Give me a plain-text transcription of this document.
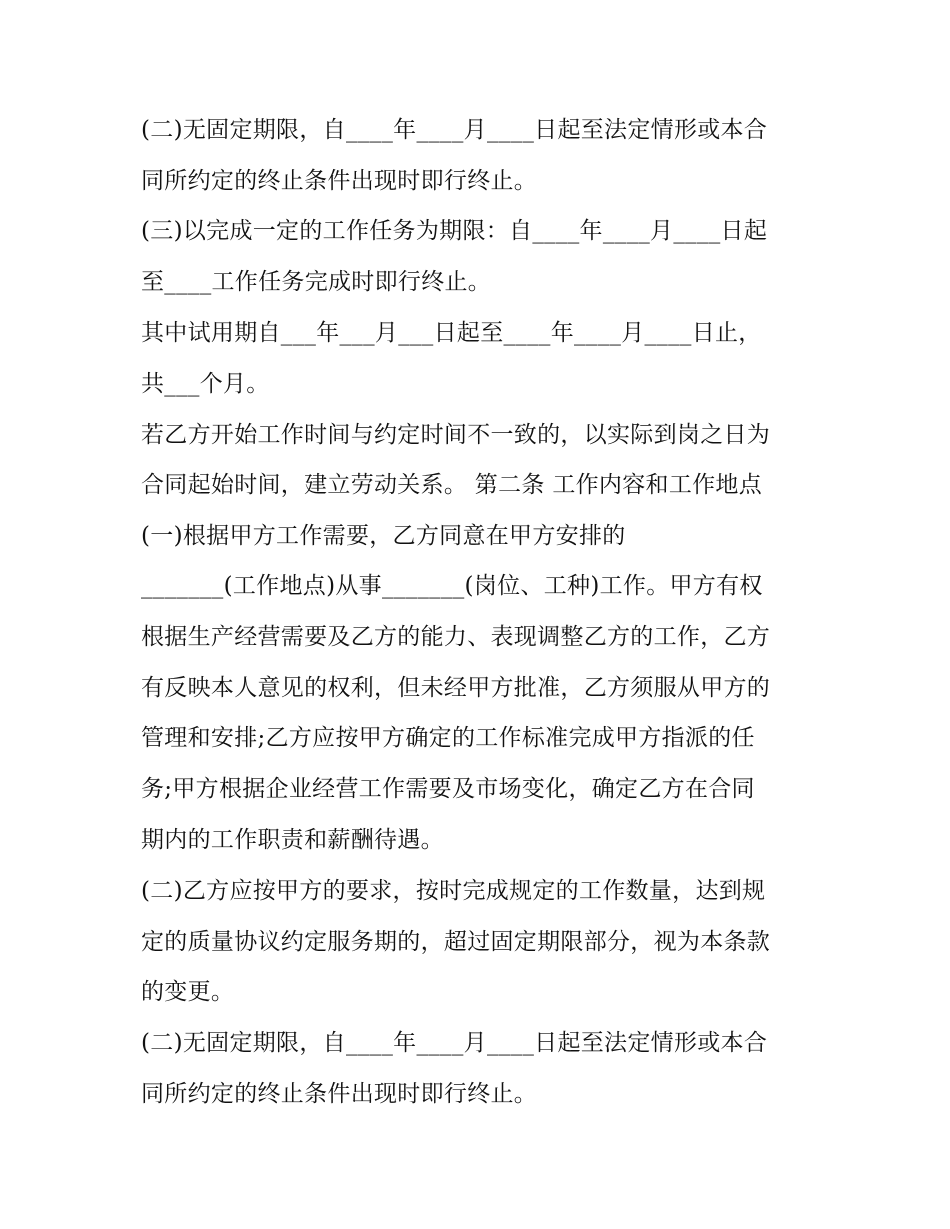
(二)无固定期限，自____年____月____日起至法定情形或本合
同所约定的终止条件出现时即行终止。
(三)以完成一定的工作任务为期限：自____年____月____日起
至____工作任务完成时即行终止。
其中试用期自___年___月___日起至____年____月____日止，
共___个月。
若乙方开始工作时间与约定时间不一致的，以实际到岗之日为
合同起始时间，建立劳动关系。 第二条 工作内容和工作地点
(一)根据甲方工作需要，乙方同意在甲方安排的
_______(工作地点)从事_______(岗位、工种)工作。甲方有权
根据生产经营需要及乙方的能力、表现调整乙方的工作，乙方
有反映本人意见的权利，但未经甲方批准，乙方须服从甲方的
管理和安排;乙方应按甲方确定的工作标准完成甲方指派的任
务;甲方根据企业经营工作需要及市场变化，确定乙方在合同
期内的工作职责和薪酬待遇。
(二)乙方应按甲方的要求，按时完成规定的工作数量，达到规
定的质量协议约定服务期的，超过固定期限部分，视为本条款
的变更。
(二)无固定期限，自____年____月____日起至法定情形或本合
同所约定的终止条件出现时即行终止。
